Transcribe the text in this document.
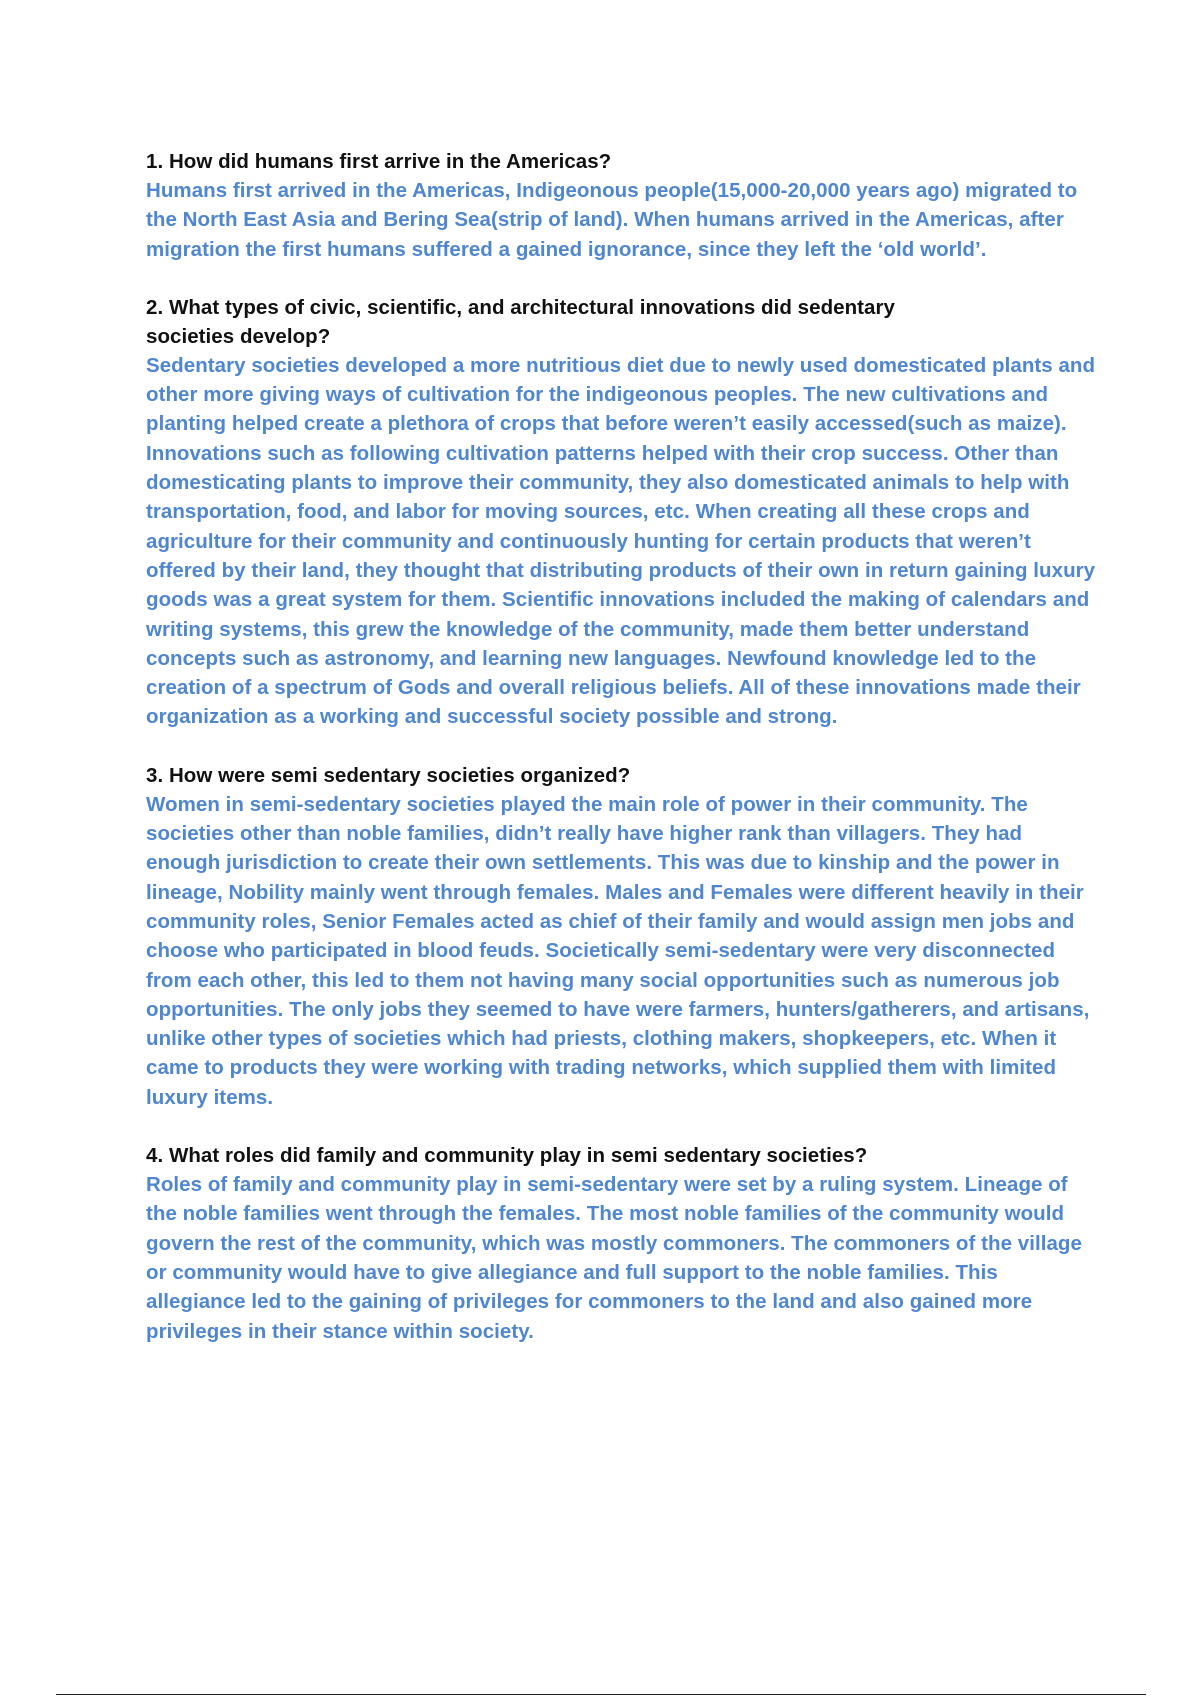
1. How did humans first arrive in the Americas?

Humans first arrived in the Americas, Indigeonous people(15,000-20,000 years ago) migrated to the North East Asia and Bering Sea(strip of land). When humans arrived in the Americas, after migration the first humans suffered a gained ignorance, since they left the ‘old world’.

2. What types of civic, scientific, and architectural innovations did sedentary societies develop?

Sedentary societies developed a more nutritious diet due to newly used domesticated plants and other more giving ways of cultivation for the indigeonous peoples. The new cultivations and planting helped create a plethora of crops that before weren’t easily accessed(such as maize). Innovations such as following cultivation patterns helped with their crop success. Other than domesticating plants to improve their community, they also domesticated animals to help with transportation, food, and labor for moving sources, etc. When creating all these crops and agriculture for their community and continuously hunting for certain products that weren’t offered by their land, they thought that distributing products of their own in return gaining luxury goods was a great system for them. Scientific innovations included the making of calendars and writing systems, this grew the knowledge of the community, made them better understand concepts such as astronomy, and learning new languages. Newfound knowledge led to the creation of a spectrum of Gods and overall religious beliefs. All of these innovations made their organization as a working and successful society possible and strong.

3. How were semi sedentary societies organized?

Women in semi-sedentary societies played the main role of power in their community. The societies other than noble families, didn’t really have higher rank than villagers. They had enough jurisdiction to create their own settlements. This was due to kinship and the power in lineage, Nobility mainly went through females. Males and Females were different heavily in their community roles, Senior Females acted as chief of their family and would assign men jobs and choose who participated in blood feuds. Societically semi-sedentary were very disconnected from each other, this led to them not having many social opportunities such as numerous job opportunities. The only jobs they seemed to have were farmers, hunters/gatherers, and artisans, unlike other types of societies which had priests, clothing makers, shopkeepers, etc. When it came to products they were working with trading networks, which supplied them with limited luxury items.

4. What roles did family and community play in semi sedentary societies?

Roles of family and community play in semi-sedentary were set by a ruling system. Lineage of the noble families went through the females. The most noble families of the community would govern the rest of the community, which was mostly commoners. The commoners of the village or community would have to give allegiance and full support to the noble families. This allegiance led to the gaining of privileges for commoners to the land and also gained more privileges in their stance within society.
